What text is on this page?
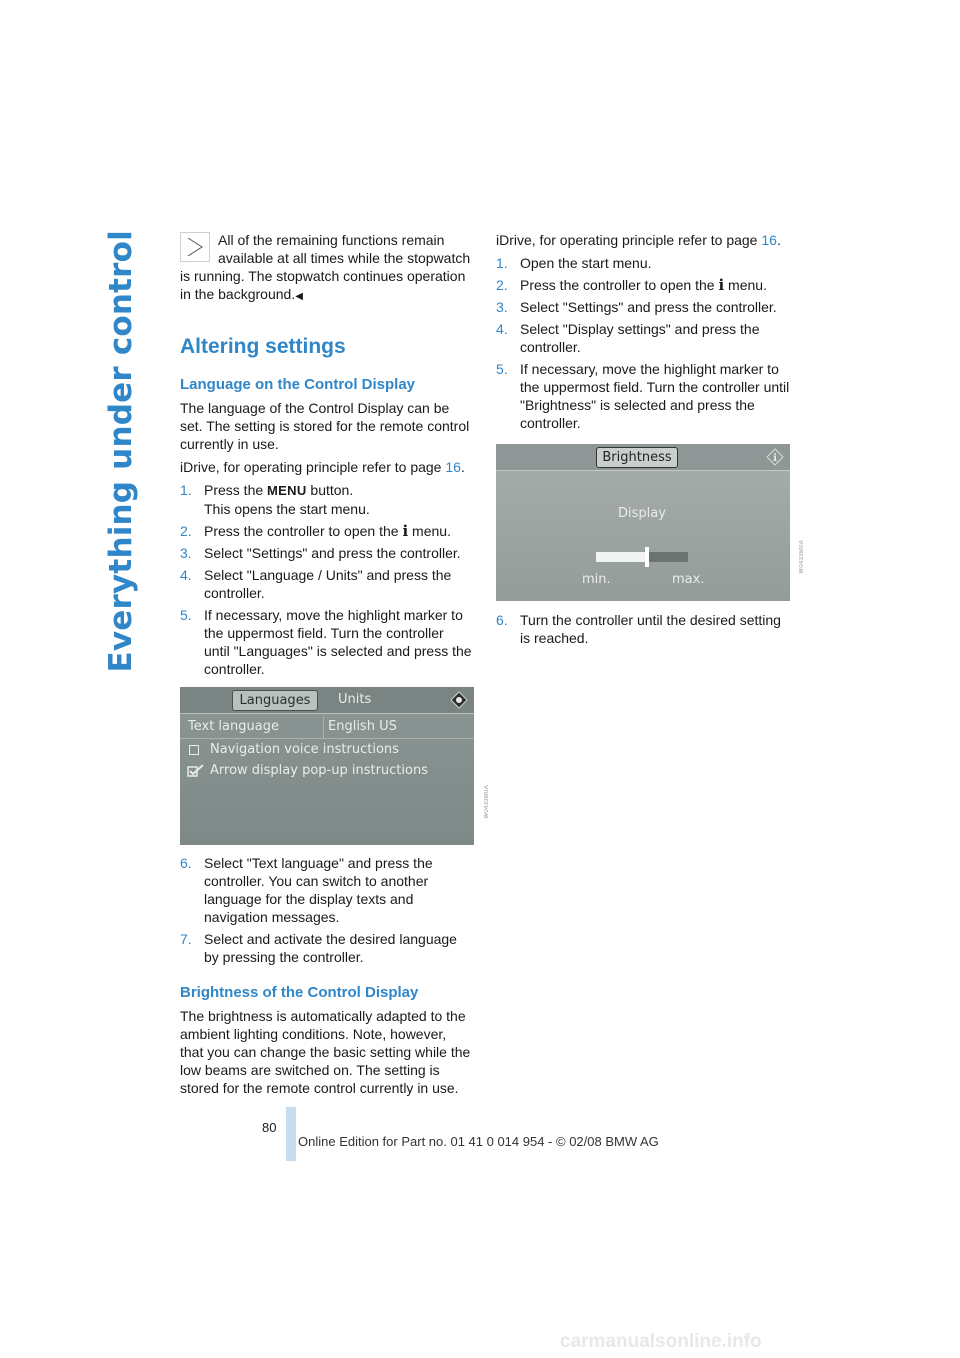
Everything under control	All of the remaining functions remain

available at all times while the stopwatch

is running. The stopwatch continues operation in the background.◀

Altering settings
Language on the Control Display

The language of the Control Display can be set. The setting is stored for the remote control currently in use.

iDrive, for operating principle refer to page 16.

1. Press the MENU button.
This opens the start menu.
2. Press the controller to open the i menu.
3. Select "Settings" and press the controller.
4. Select "Language / Units" and press the controller.
5. If necessary, move the highlight marker to the uppermost field. Turn the controller until "Languages" is selected and press the controller.
Languages	Units
Text language	English US
Navigation voice instructions
Arrow display pop-up instructions
W0433M0A
6. Select "Text language" and press the controller. You can switch to another language for the display texts and navigation messages.
7. Select and activate the desired language by pressing the controller.
Brightness of the Control Display

The brightness is automatically adapted to the ambient lighting conditions. Note, however, that you can change the basic setting while the low beams are switched on. The setting is stored for the remote control currently in use.

iDrive, for operating principle refer to page 16.

1. Open the start menu.
2. Press the controller to open the i menu.
3. Select "Settings" and press the controller.
4. Select "Display settings" and press the controller.
5. If necessary, move the highlight marker to the uppermost field. Turn the controller until "Brightness" is selected and press the controller.
Brightness	i
Display
min.	max.
W0433M0A
6. Turn the controller until the desired setting is reached.
80
Online Edition for Part no. 01 41 0 014 954 - © 02/08 BMW AG
carmanualsonline.info
